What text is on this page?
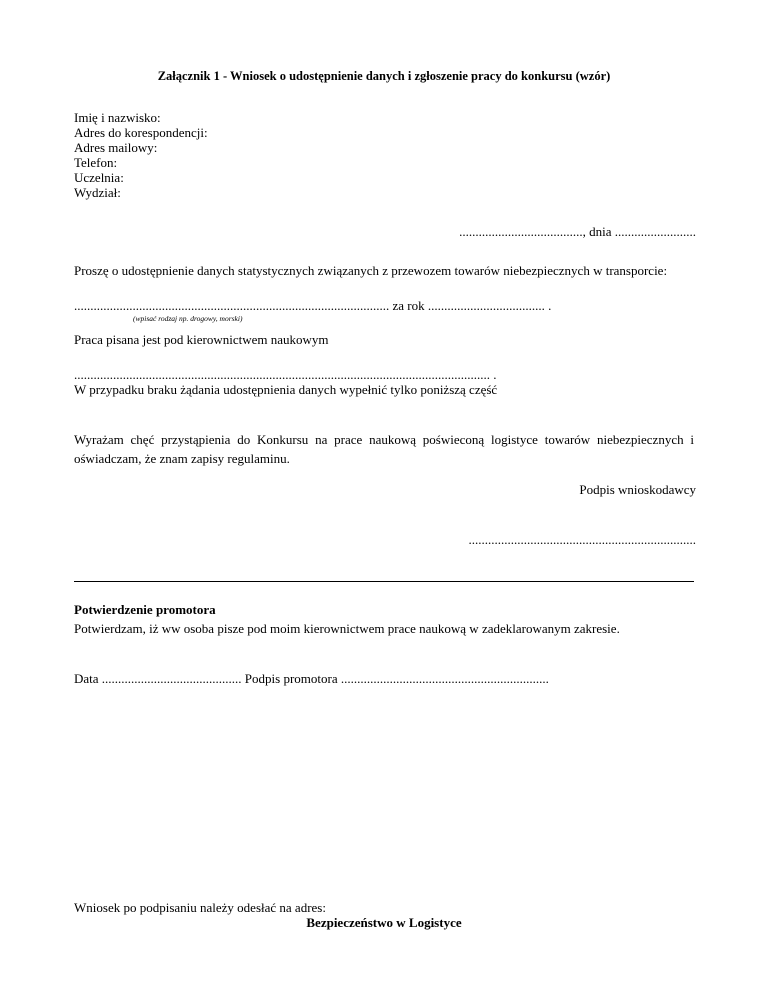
Załącznik 1 - Wniosek o udostępnienie danych i zgłoszenie pracy do konkursu (wzór)
Imię i nazwisko:
Adres do korespondencji:
Adres mailowy:
Telefon:
Uczelnia:
Wydział:
......................................, dnia .........................
Proszę o udostępnienie danych statystycznych związanych z przewozem towarów niebezpiecznych w transporcie:
................................................................................................. za rok .................................... .
(wpisać rodzaj np. drogowy, morski)
Praca pisana jest pod kierownictwem naukowym
................................................................................................................................ .
W przypadku braku żądania udostępnienia danych wypełnić tylko poniższą część
Wyrażam chęć przystąpienia do Konkursu na prace naukową poświeconą logistyce towarów niebezpiecznych i oświadczam, że znam zapisy regulaminu.
Podpis wnioskodawcy
......................................................................
Potwierdzenie promotora
Potwierdzam, iż ww osoba pisze pod moim kierownictwem prace naukową w zadeklarowanym zakresie.
Data ........................................... Podpis promotora ................................................................
Wniosek po podpisaniu należy odesłać na adres:
Bezpieczeństwo w Logistyce
